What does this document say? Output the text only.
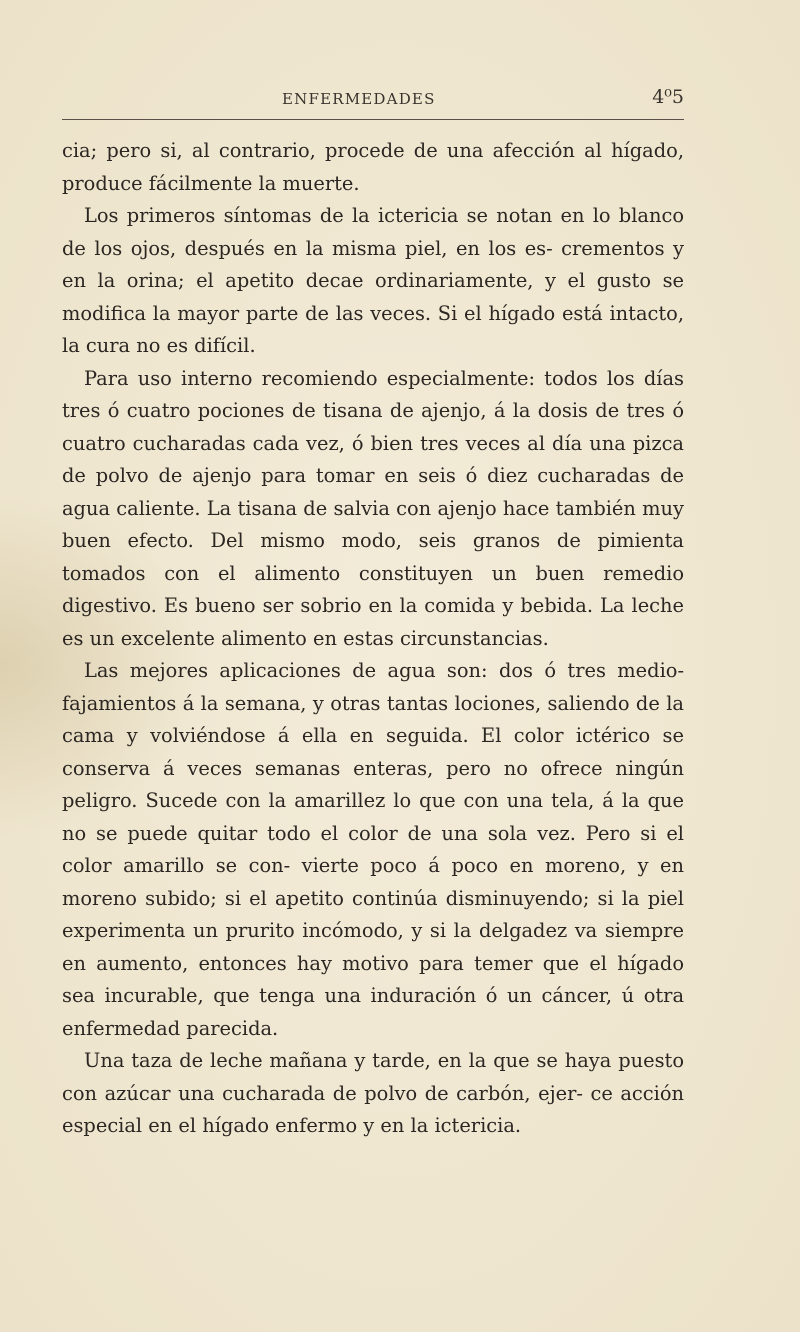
ENFERMEDADES	4⁰5

cia; pero si, al contrario, procede de una afección al hígado, produce fácilmente la muerte.

Los primeros síntomas de la ictericia se notan en lo blanco de los ojos, después en la misma piel, en los es- crementos y en la orina; el apetito decae ordinariamente, y el gusto se modifica la mayor parte de las veces. Si el hígado está intacto, la cura no es difícil.

Para uso interno recomiendo especialmente: todos los días tres ó cuatro pociones de tisana de ajenjo, á la dosis de tres ó cuatro cucharadas cada vez, ó bien tres veces al día una pizca de polvo de ajenjo para tomar en seis ó diez cucharadas de agua caliente. La tisana de salvia con ajenjo hace también muy buen efecto. Del mismo modo, seis granos de pimienta tomados con el alimento constituyen un buen remedio digestivo. Es bueno ser sobrio en la comida y bebida. La leche es un excelente alimento en estas circunstancias.

Las mejores aplicaciones de agua son: dos ó tres medio-fajamientos á la semana, y otras tantas lociones, saliendo de la cama y volviéndose á ella en seguida. El color ictérico se conserva á veces semanas enteras, pero no ofrece ningún peligro. Sucede con la amarillez lo que con una tela, á la que no se puede quitar todo el color de una sola vez. Pero si el color amarillo se con- vierte poco á poco en moreno, y en moreno subido; si el apetito continúa disminuyendo; si la piel experimenta un prurito incómodo, y si la delgadez va siempre en aumento, entonces hay motivo para temer que el hígado sea incurable, que tenga una induración ó un cáncer, ú otra enfermedad parecida.

Una taza de leche mañana y tarde, en la que se haya puesto con azúcar una cucharada de polvo de carbón, ejer- ce acción especial en el hígado enfermo y en la ictericia.
